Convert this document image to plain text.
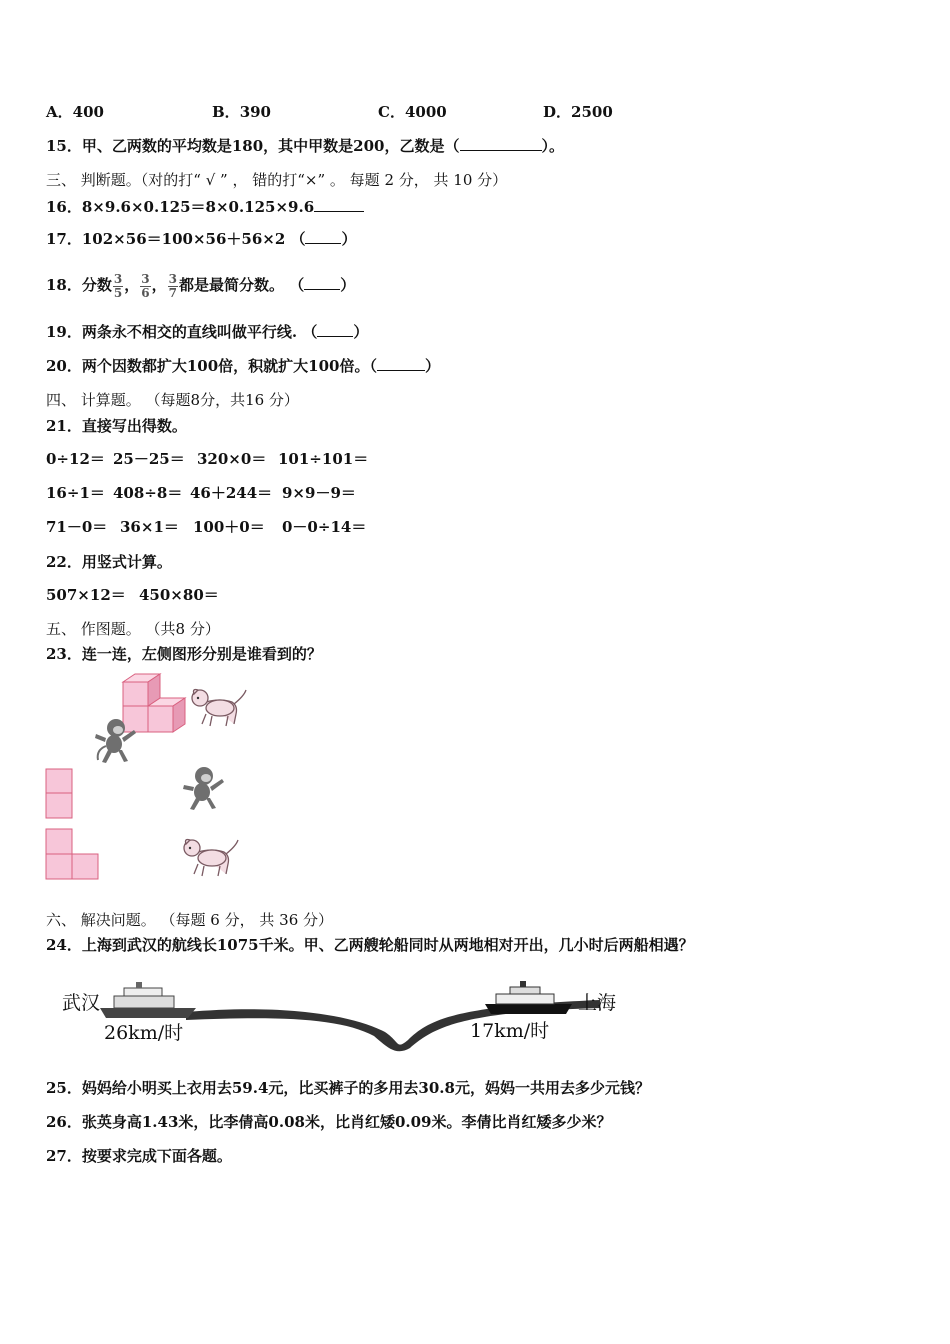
A．400	B．390	C．4000	D．2500
15．甲、乙两数的平均数是180，其中甲数是200，乙数是（	）。
三、 判断题。（对的打“ √ ” ， 错的打“×” 。 每题 2 分， 共 10 分）
16．8×9.6×0.125＝8×0.125×9.6
17．102×56＝100×56＋56×2 （ ）
18．分数 $\frac{3}{5}$ ， $\frac{3}{6}$ ， $\frac{3}{7}$ 都是最简分数。 （ ）
19．两条永不相交的直线叫做平行线. （ ）
20．两个因数都扩大100倍，积就扩大100倍。（	）
四、 计算题。 （每题8分，共16 分）
21．直接写出得数。
0÷12＝ 25－25＝ 320×0＝ 101÷101＝
16÷1＝ 408÷8＝ 46＋244＝ 9×9－9＝
71－0＝ 36×1＝ 100＋0＝ 0－0÷14＝
22．用竖式计算。
507×12＝ 450×80＝
五、 作图题。 （共8 分）
23．连一连，左侧图形分别是谁看到的？
六、 解决问题。 （每题 6 分， 共 36 分）
24．上海到武汉的航线长1075千米。甲、乙两艘轮船同时从两地相对开出，几小时后两船相遇？
武汉
26km/时
上海
17km/时
25．妈妈给小明买上衣用去59.4元，比买裤子的多用去30.8元，妈妈一共用去多少元钱？
26．张英身高1.43米，比李倩高0.08米，比肖红矮0.09米。李倩比肖红矮多少米？
27．按要求完成下面各题。
